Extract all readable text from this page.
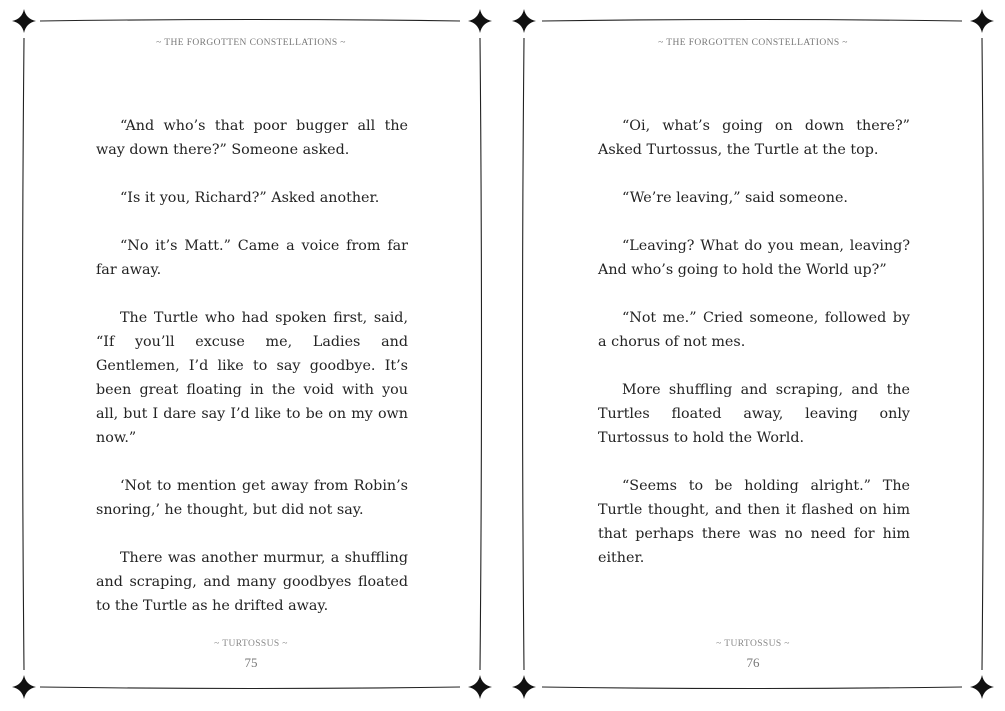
~ THE FORGOTTEN CONSTELLATIONS ~

“And who’s that poor bugger all the way down there?” Someone asked.

“Is it you, Richard?” Asked another.

“No it’s Matt.” Came a voice from far far away.

The Turtle who had spoken first, said, “If you’ll excuse me, Ladies and Gentlemen, I’d like to say goodbye. It’s been great floating in the void with you all, but I dare say I’d like to be on my own now.”

‘Not to mention get away from Robin’s snoring,’ he thought, but did not say.

There was another murmur, a shuffling and scraping, and many goodbyes floated to the Turtle as he drifted away.

~ TURTOSSUS ~
75
~ THE FORGOTTEN CONSTELLATIONS ~

“Oi, what’s going on down there?” Asked Turtossus, the Turtle at the top.

“We’re leaving,” said someone.

“Leaving? What do you mean, leaving? And who’s going to hold the World up?”

“Not me.” Cried someone, followed by a chorus of not mes.

More shuffling and scraping, and the Turtles floated away, leaving only Turtossus to hold the World.

“Seems to be holding alright.” The Turtle thought, and then it flashed on him that perhaps there was no need for him either.

~ TURTOSSUS ~
76
